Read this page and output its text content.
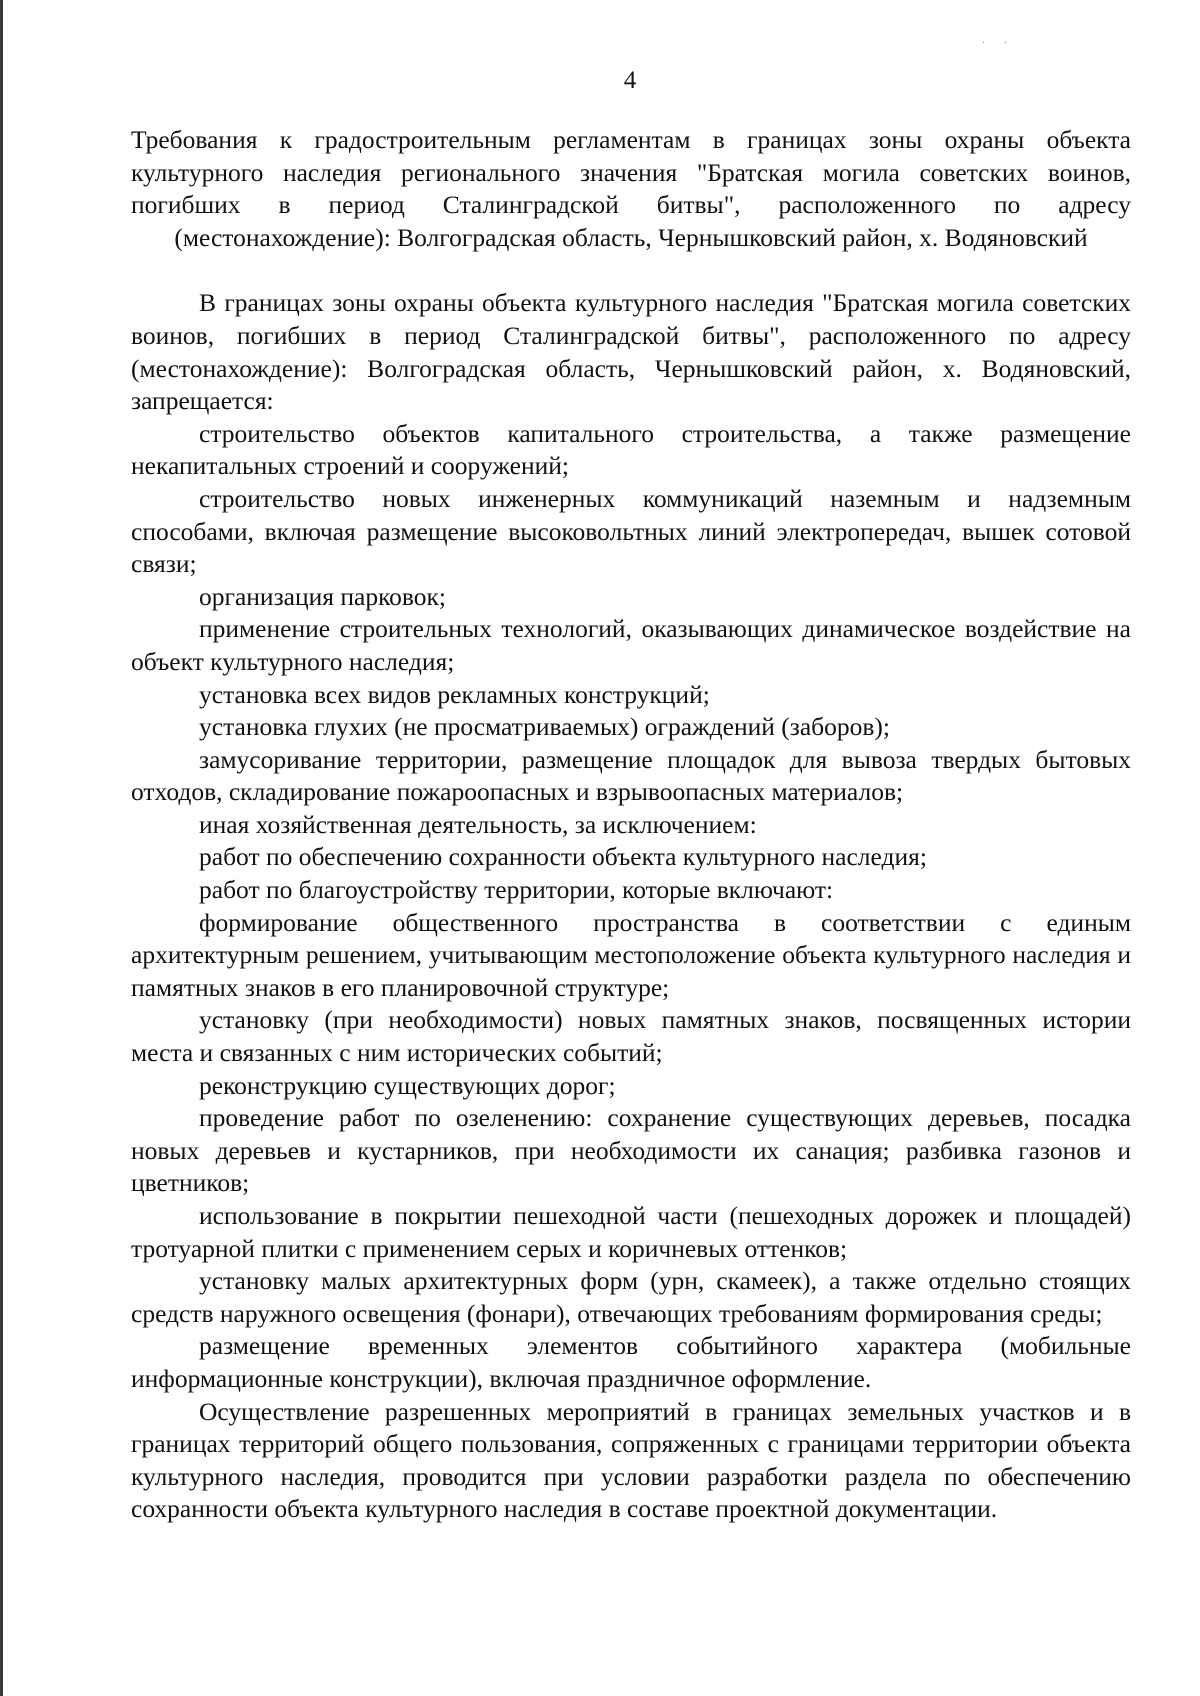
· ·
4
Требования к градостроительным регламентам в границах зоны охраны объекта культурного наследия регионального значения "Братская могила советских воинов, погибших в период Сталинградской битвы", расположенного по адресу (местонахождение): Волгоградская область, Чернышковский район, х. Водяновский

В границах зоны охраны объекта культурного наследия "Братская могила советских воинов, погибших в период Сталинградской битвы", расположенного по адресу (местонахождение): Волгоградская область, Чернышковский район, х. Водяновский, запрещается:

строительство объектов капитального строительства, а также размещение некапитальных строений и сооружений;

строительство новых инженерных коммуникаций наземным и надземным способами, включая размещение высоковольтных линий электропередач, вышек сотовой связи;

организация парковок;

применение строительных технологий, оказывающих динамическое воздействие на объект культурного наследия;

установка всех видов рекламных конструкций;

установка глухих (не просматриваемых) ограждений (заборов);

замусоривание территории, размещение площадок для вывоза твердых бытовых отходов, складирование пожароопасных и взрывоопасных материалов;

иная хозяйственная деятельность, за исключением:

работ по обеспечению сохранности объекта культурного наследия;

работ по благоустройству территории, которые включают:

формирование общественного пространства в соответствии с единым архитектурным решением, учитывающим местоположение объекта культурного наследия и памятных знаков в его планировочной структуре;

установку (при необходимости) новых памятных знаков, посвященных истории места и связанных с ним исторических событий;

реконструкцию существующих дорог;

проведение работ по озеленению: сохранение существующих деревьев, посадка новых деревьев и кустарников, при необходимости их санация; разбивка газонов и цветников;

использование в покрытии пешеходной части (пешеходных дорожек и площадей) тротуарной плитки с применением серых и коричневых оттенков;

установку малых архитектурных форм (урн, скамеек), а также отдельно стоящих средств наружного освещения (фонари), отвечающих требованиям формирования среды;

размещение временных элементов событийного характера (мобильные информационные конструкции), включая праздничное оформление.

Осуществление разрешенных мероприятий в границах земельных участков и в границах территорий общего пользования, сопряженных с границами территории объекта культурного наследия, проводится при условии разработки раздела по обеспечению сохранности объекта культурного наследия в составе проектной документации.
